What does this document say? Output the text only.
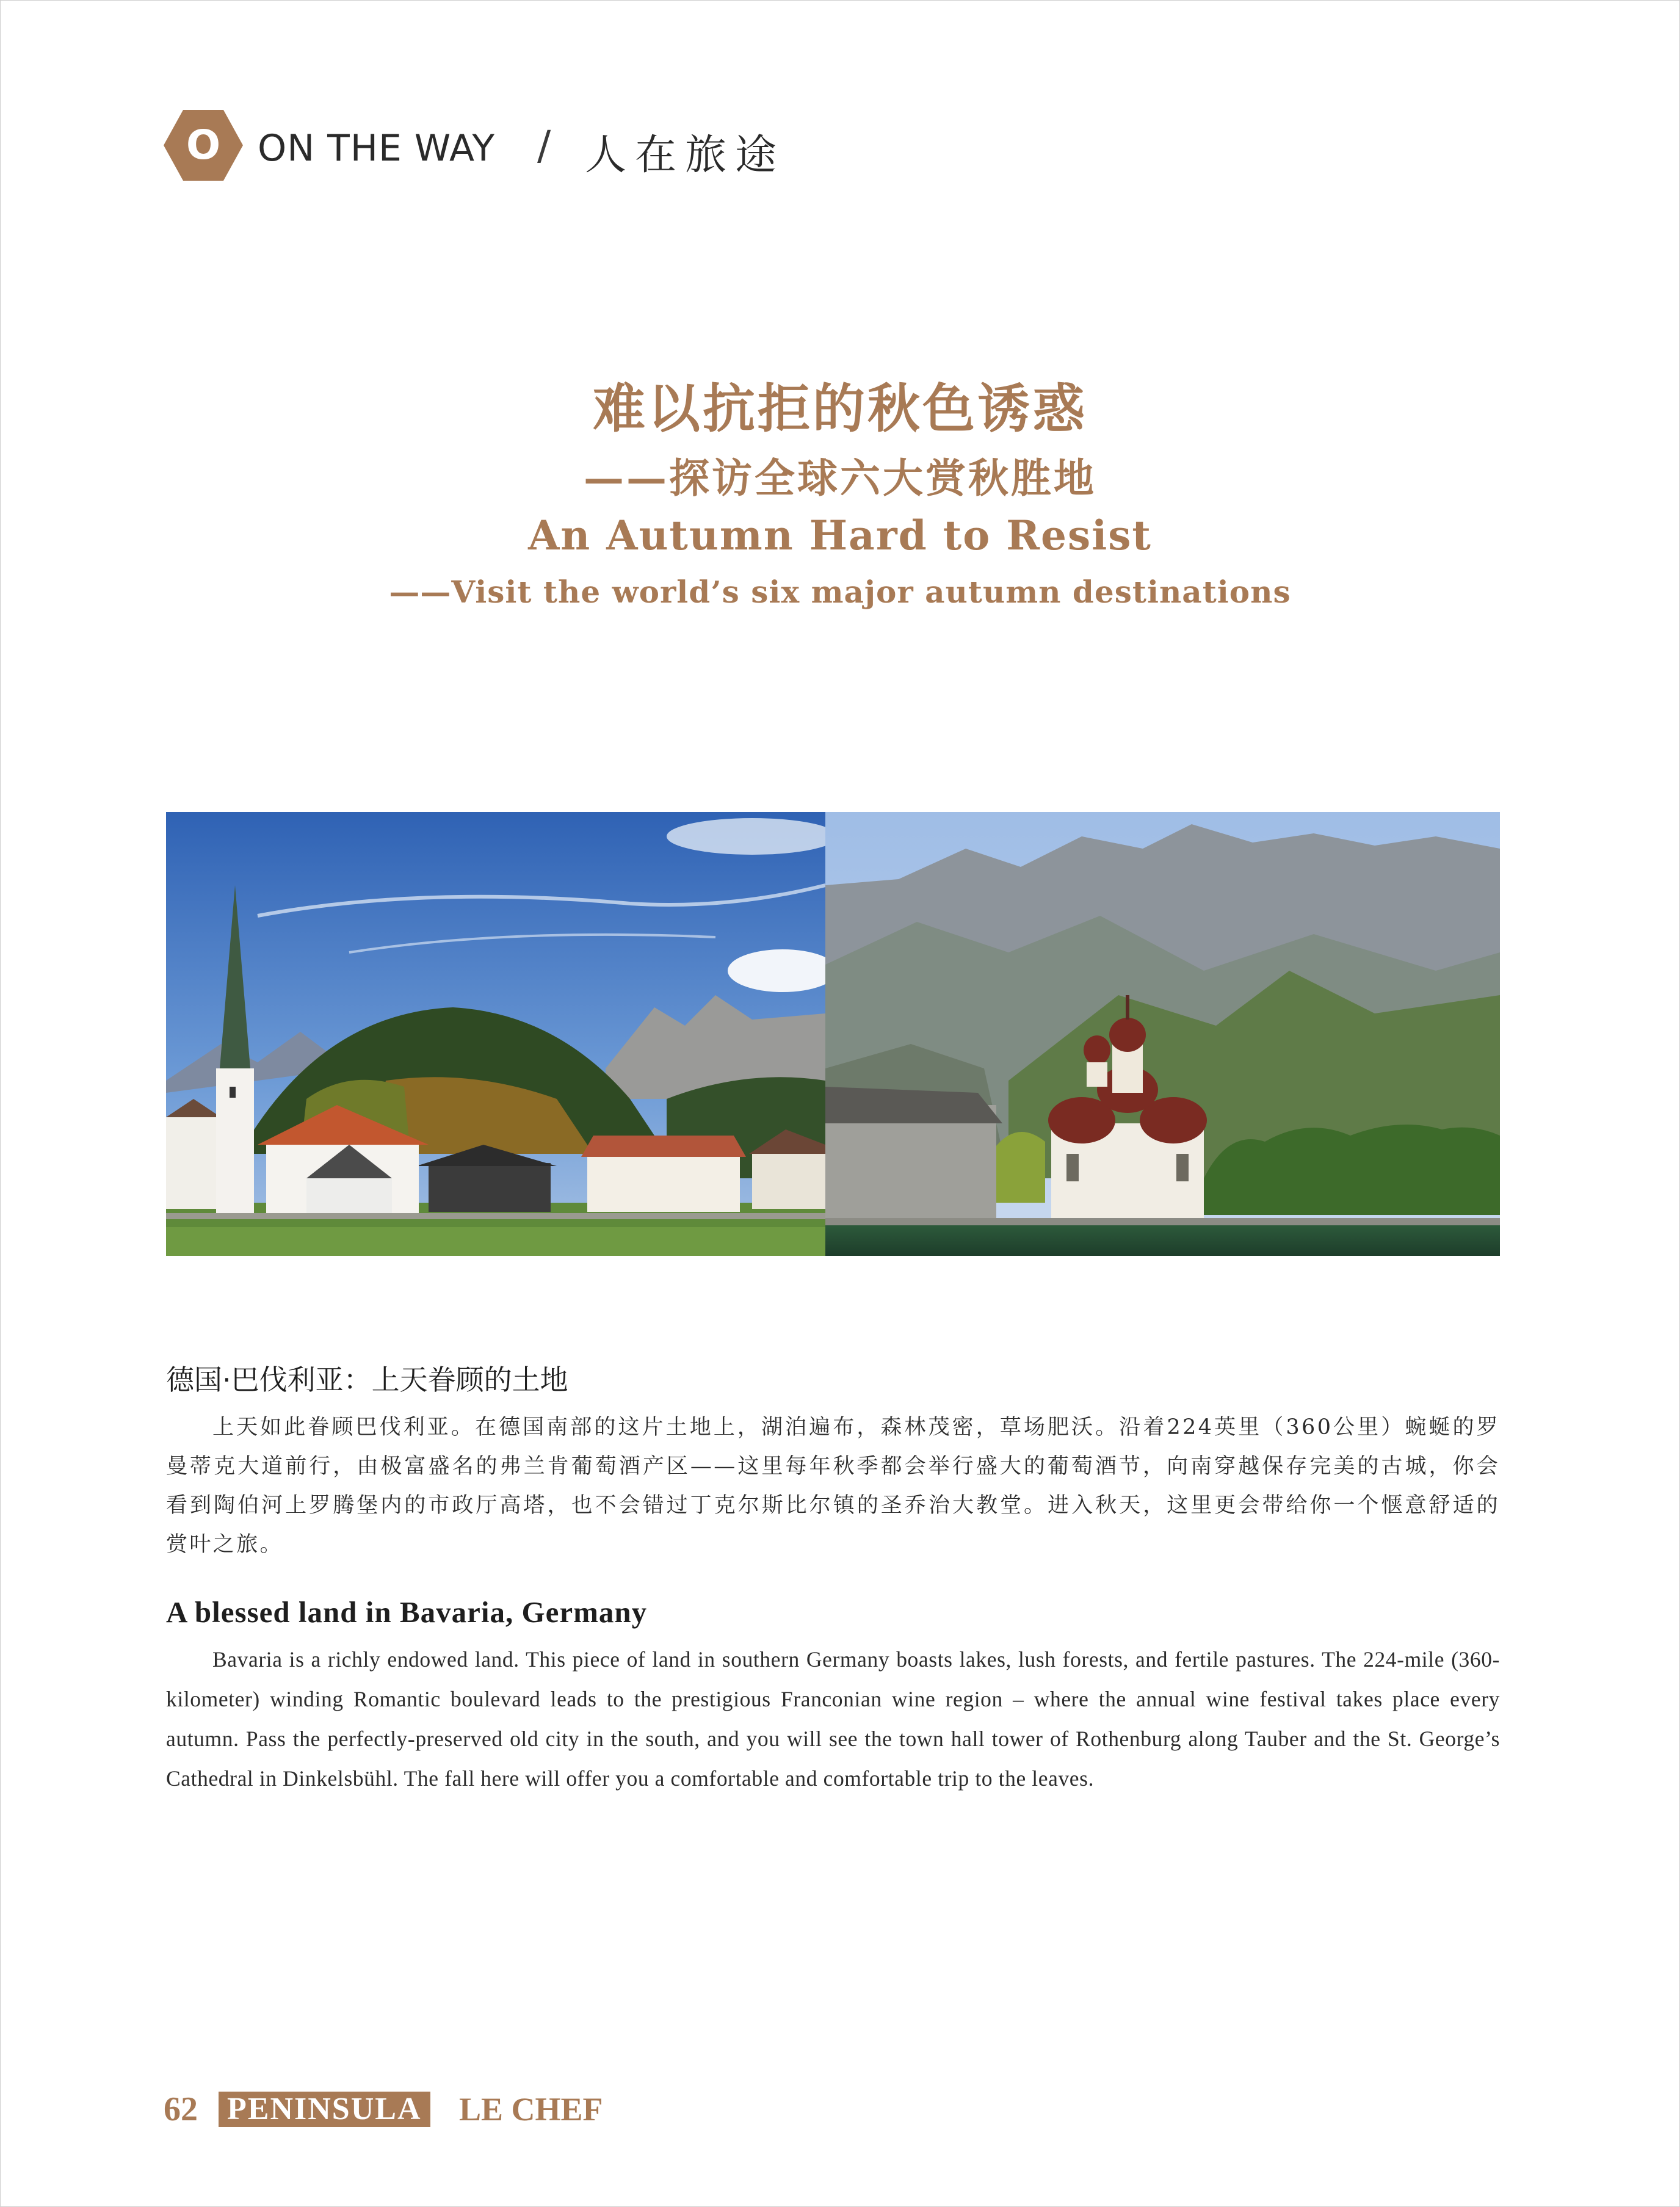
O ON THE WAY / 人在旅途
难以抗拒的秋色诱惑
——探访全球六大赏秋胜地
An Autumn Hard to Resist
——Visit the world’s six major autumn destinations
德国·巴伐利亚：上天眷顾的土地

上天如此眷顾巴伐利亚。在德国南部的这片土地上，湖泊遍布，森林茂密，草场肥沃。沿着224英里（360公里）蜿蜒的罗曼蒂克大道前行，由极富盛名的弗兰肯葡萄酒产区——这里每年秋季都会举行盛大的葡萄酒节，向南穿越保存完美的古城，你会看到陶伯河上罗腾堡内的市政厅高塔，也不会错过丁克尔斯比尔镇的圣乔治大教堂。进入秋天，这里更会带给你一个惬意舒适的赏叶之旅。

A blessed land in Bavaria, Germany

Bavaria is a richly endowed land. This piece of land in southern Germany boasts lakes, lush forests, and fertile pastures. The 224-mile (360-kilometer) winding Romantic boulevard leads to the prestigious Franconian wine region – where the annual wine festival takes place every autumn. Pass the perfectly-preserved old city in the south, and you will see the town hall tower of Rothenburg along Tauber and the St. George’s Cathedral in Dinkelsbühl. The fall here will offer you a comfortable and comfortable trip to the leaves.

62 PENINSULA LE CHEF
